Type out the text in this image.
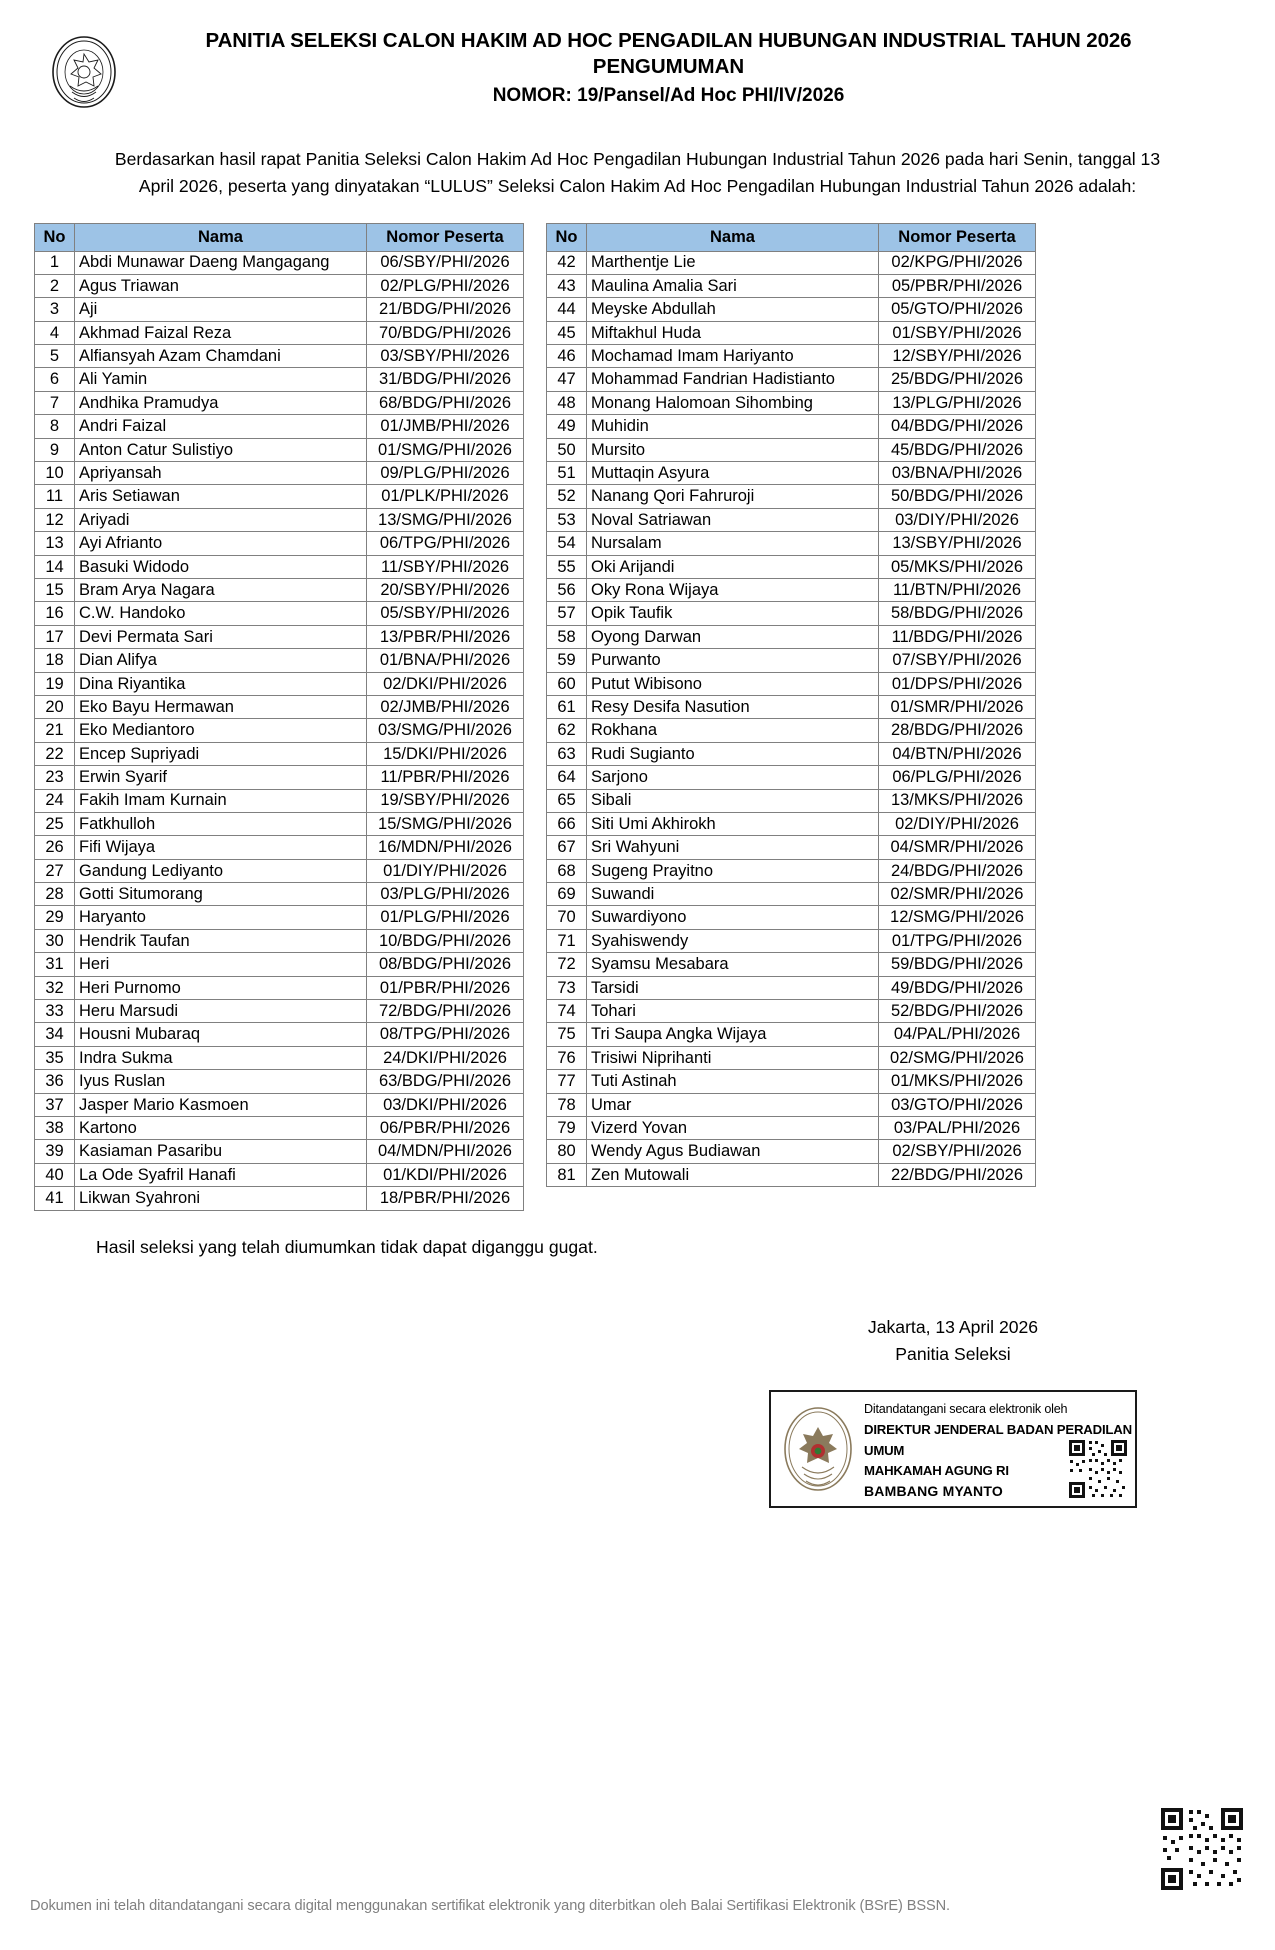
PANITIA SELEKSI CALON HAKIM AD HOC PENGADILAN HUBUNGAN INDUSTRIAL TAHUN 2026
PENGUMUMAN
NOMOR: 19/Pansel/Ad Hoc PHI/IV/2026
Berdasarkan hasil rapat Panitia Seleksi Calon Hakim Ad Hoc Pengadilan Hubungan Industrial Tahun 2026 pada hari Senin, tanggal 13 April 2026, peserta yang dinyatakan “LULUS” Seleksi Calon Hakim Ad Hoc Pengadilan Hubungan Industrial Tahun 2026 adalah:
No	Nama	Nomor Peserta
1	Abdi Munawar Daeng Mangagang	06/SBY/PHI/2026
2	Agus Triawan	02/PLG/PHI/2026
3	Aji	21/BDG/PHI/2026
4	Akhmad Faizal Reza	70/BDG/PHI/2026
5	Alfiansyah Azam Chamdani	03/SBY/PHI/2026
6	Ali Yamin	31/BDG/PHI/2026
7	Andhika Pramudya	68/BDG/PHI/2026
8	Andri Faizal	01/JMB/PHI/2026
9	Anton Catur Sulistiyo	01/SMG/PHI/2026
10	Apriyansah	09/PLG/PHI/2026
11	Aris Setiawan	01/PLK/PHI/2026
12	Ariyadi	13/SMG/PHI/2026
13	Ayi Afrianto	06/TPG/PHI/2026
14	Basuki Widodo	11/SBY/PHI/2026
15	Bram Arya Nagara	20/SBY/PHI/2026
16	C.W. Handoko	05/SBY/PHI/2026
17	Devi Permata Sari	13/PBR/PHI/2026
18	Dian Alifya	01/BNA/PHI/2026
19	Dina Riyantika	02/DKI/PHI/2026
20	Eko Bayu Hermawan	02/JMB/PHI/2026
21	Eko Mediantoro	03/SMG/PHI/2026
22	Encep Supriyadi	15/DKI/PHI/2026
23	Erwin Syarif	11/PBR/PHI/2026
24	Fakih Imam Kurnain	19/SBY/PHI/2026
25	Fatkhulloh	15/SMG/PHI/2026
26	Fifi Wijaya	16/MDN/PHI/2026
27	Gandung Lediyanto	01/DIY/PHI/2026
28	Gotti Situmorang	03/PLG/PHI/2026
29	Haryanto	01/PLG/PHI/2026
30	Hendrik Taufan	10/BDG/PHI/2026
31	Heri	08/BDG/PHI/2026
32	Heri Purnomo	01/PBR/PHI/2026
33	Heru Marsudi	72/BDG/PHI/2026
34	Housni Mubaraq	08/TPG/PHI/2026
35	Indra Sukma	24/DKI/PHI/2026
36	Iyus Ruslan	63/BDG/PHI/2026
37	Jasper Mario Kasmoen	03/DKI/PHI/2026
38	Kartono	06/PBR/PHI/2026
39	Kasiaman Pasaribu	04/MDN/PHI/2026
40	La Ode Syafril Hanafi	01/KDI/PHI/2026
41	Likwan Syahroni	18/PBR/PHI/2026
No	Nama	Nomor Peserta
42	Marthentje Lie	02/KPG/PHI/2026
43	Maulina Amalia Sari	05/PBR/PHI/2026
44	Meyske Abdullah	05/GTO/PHI/2026
45	Miftakhul Huda	01/SBY/PHI/2026
46	Mochamad Imam Hariyanto	12/SBY/PHI/2026
47	Mohammad Fandrian Hadistianto	25/BDG/PHI/2026
48	Monang Halomoan Sihombing	13/PLG/PHI/2026
49	Muhidin	04/BDG/PHI/2026
50	Mursito	45/BDG/PHI/2026
51	Muttaqin Asyura	03/BNA/PHI/2026
52	Nanang Qori Fahruroji	50/BDG/PHI/2026
53	Noval Satriawan	03/DIY/PHI/2026
54	Nursalam	13/SBY/PHI/2026
55	Oki Arijandi	05/MKS/PHI/2026
56	Oky Rona Wijaya	11/BTN/PHI/2026
57	Opik Taufik	58/BDG/PHI/2026
58	Oyong Darwan	11/BDG/PHI/2026
59	Purwanto	07/SBY/PHI/2026
60	Putut Wibisono	01/DPS/PHI/2026
61	Resy Desifa Nasution	01/SMR/PHI/2026
62	Rokhana	28/BDG/PHI/2026
63	Rudi Sugianto	04/BTN/PHI/2026
64	Sarjono	06/PLG/PHI/2026
65	Sibali	13/MKS/PHI/2026
66	Siti Umi Akhirokh	02/DIY/PHI/2026
67	Sri Wahyuni	04/SMR/PHI/2026
68	Sugeng Prayitno	24/BDG/PHI/2026
69	Suwandi	02/SMR/PHI/2026
70	Suwardiyono	12/SMG/PHI/2026
71	Syahiswendy	01/TPG/PHI/2026
72	Syamsu Mesabara	59/BDG/PHI/2026
73	Tarsidi	49/BDG/PHI/2026
74	Tohari	52/BDG/PHI/2026
75	Tri Saupa Angka Wijaya	04/PAL/PHI/2026
76	Trisiwi Niprihanti	02/SMG/PHI/2026
77	Tuti Astinah	01/MKS/PHI/2026
78	Umar	03/GTO/PHI/2026
79	Vizerd Yovan	03/PAL/PHI/2026
80	Wendy Agus Budiawan	02/SBY/PHI/2026
81	Zen Mutowali	22/BDG/PHI/2026
Hasil seleksi yang telah diumumkan tidak dapat diganggu gugat.
Jakarta, 13 April 2026
Panitia Seleksi
Ditandatangani secara elektronik oleh
DIREKTUR JENDERAL BADAN PERADILAN UMUM
MAHKAMAH AGUNG RI
BAMBANG MYANTO
Dokumen ini telah ditandatangani secara digital menggunakan sertifikat elektronik yang diterbitkan oleh Balai Sertifikasi Elektronik (BSrE) BSSN.
